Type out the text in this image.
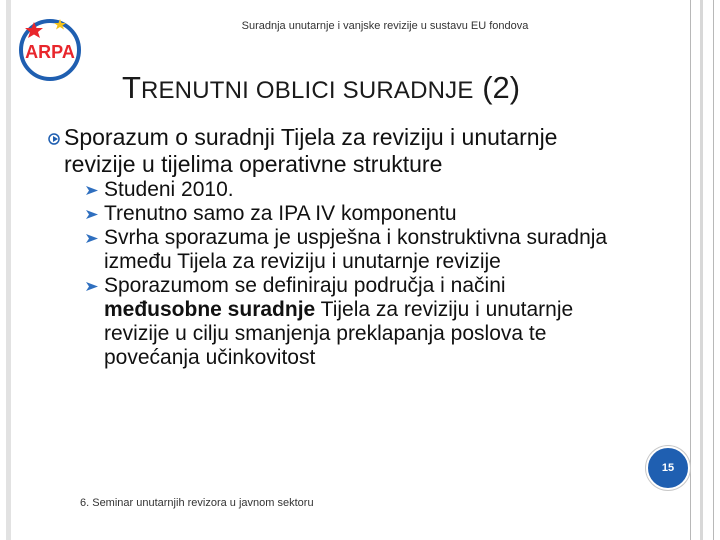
ARPA
Suradnja unutarnje i vanjske revizije u sustavu EU fondova
TRENUTNI OBLICI SURADNJE (2)
Sporazum o suradnji Tijela za reviziju i unutarnje revizije u tijelima operativne strukture
Studeni 2010.
Trenutno samo za IPA IV komponentu
Svrha sporazuma je uspješna i konstruktivna suradnja između Tijela za reviziju i unutarnje revizije
Sporazumom se definiraju područja i načini međusobne suradnje Tijela za reviziju i unutarnje revizije u cilju smanjenja preklapanja poslova te povećanja učinkovitost
6. Seminar unutarnjih revizora u javnom sektoru
15
